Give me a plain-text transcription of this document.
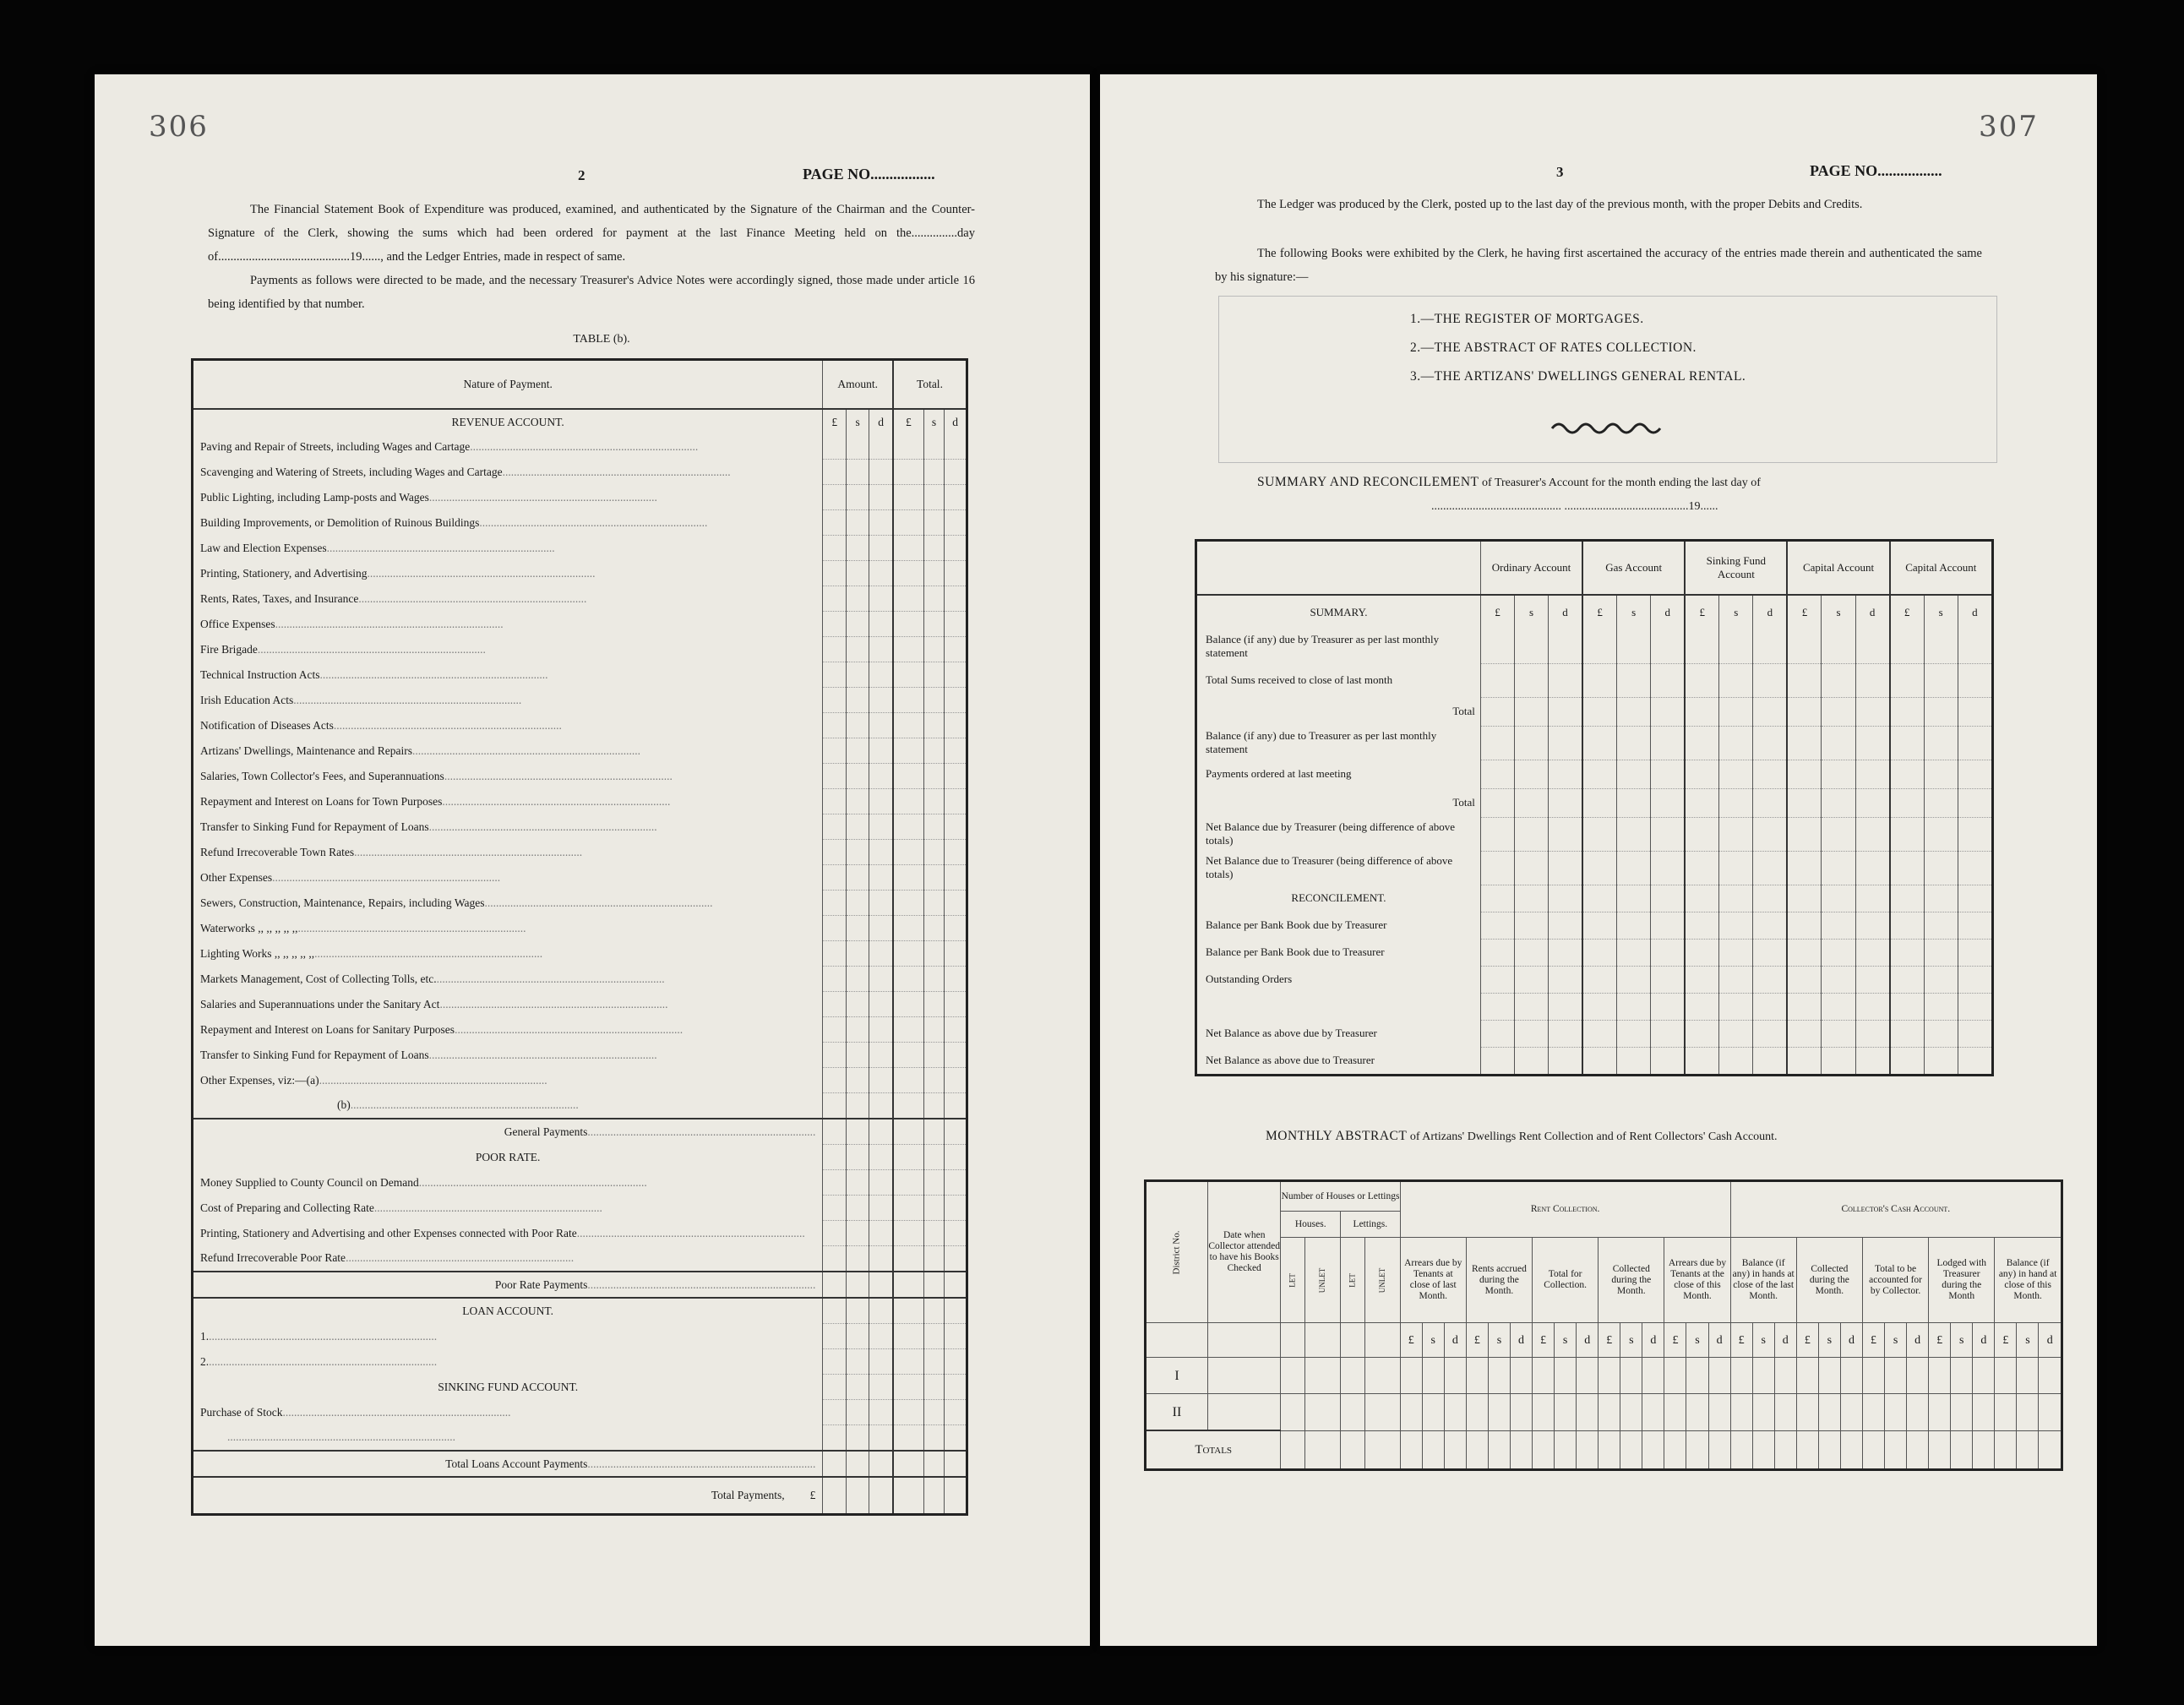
306
2	PAGE NO.................
The Financial Statement Book of Expenditure was produced, examined, and authenticated by the Signature of the Chairman and the Counter-Signature of the Clerk, showing the sums which had been ordered for payment at the last Finance Meeting held on the...............day of...........................................19......, and the Ledger Entries, made in respect of same.
Payments as follows were directed to be made, and the necessary Treasurer's Advice Notes were accordingly signed, those made under article 16 being identified by that number.
TABLE (b).
Nature of Payment.	Amount.			Total.		
REVENUE ACCOUNT.	£	s	d	£	s	d
Paving and Repair of Streets, including Wages and Cartage................................................................................						
Scavenging and Watering of Streets, including Wages and Cartage................................................................................						
Public Lighting, including Lamp-posts and Wages................................................................................						
Building Improvements, or Demolition of Ruinous Buildings................................................................................						
Law and Election Expenses................................................................................						
Printing, Stationery, and Advertising................................................................................						
Rents, Rates, Taxes, and Insurance................................................................................						
Office Expenses................................................................................						
Fire Brigade................................................................................						
Technical Instruction Acts................................................................................						
Irish Education Acts................................................................................						
Notification of Diseases Acts................................................................................						
Artizans' Dwellings, Maintenance and Repairs................................................................................						
Salaries, Town Collector's Fees, and Superannuations................................................................................						
Repayment and Interest on Loans for Town Purposes................................................................................						
Transfer to Sinking Fund for Repayment of Loans................................................................................						
Refund Irrecoverable Town Rates................................................................................						
Other Expenses................................................................................						
Sewers, Construction, Maintenance, Repairs, including Wages................................................................................						
Waterworks ,, ,, ,, ,, ,,................................................................................						
Lighting Works ,, ,, ,, ,, ,,................................................................................						
Markets Management, Cost of Collecting Tolls, etc.................................................................................						
Salaries and Superannuations under the Sanitary Act................................................................................						
Repayment and Interest on Loans for Sanitary Purposes................................................................................						
Transfer to Sinking Fund for Repayment of Loans................................................................................						
Other Expenses, viz:—(a)................................................................................						
(b)................................................................................						
General Payments................................................................................						
POOR RATE.						
Money Supplied to County Council on Demand................................................................................						
Cost of Preparing and Collecting Rate................................................................................						
Printing, Stationery and Advertising and other Expenses connected with Poor Rate................................................................................						
Refund Irrecoverable Poor Rate................................................................................						
Poor Rate Payments................................................................................						
LOAN ACCOUNT.						
1.................................................................................						
2.................................................................................						
SINKING FUND ACCOUNT.						
Purchase of Stock................................................................................						
................................................................................						
Total Loans Account Payments................................................................................						
Total Payments, £						
307
3	PAGE NO.................
The Ledger was produced by the Clerk, posted up to the last day of the previous month, with the proper Debits and Credits.
The following Books were exhibited by the Clerk, he having first ascertained the accuracy of the entries made therein and authenticated the same by his signature:—
1.—THE REGISTER OF MORTGAGES.
2.—THE ABSTRACT OF RATES COLLECTION.
3.—THE ARTIZANS' DWELLINGS GENERAL RENTAL.
SUMMARY AND RECONCILEMENT of Treasurer's Account for the month ending the last day of
............................................ ..........................................19......
	Ordinary Account			Gas Account			Sinking Fund Account			Capital Account			Capital Account		
SUMMARY.	£	s	d	£	s	d	£	s	d	£	s	d	£	s	d
Balance (if any) due by Treasurer as per last monthly statement															
Total Sums received to close of last month															
Total															
Balance (if any) due to Treasurer as per last monthly statement															
Payments ordered at last meeting															
Total															
Net Balance due by Treasurer (being difference of above totals)															
Net Balance due to Treasurer (being difference of above totals)															
RECONCILEMENT.															
Balance per Bank Book due by Treasurer															
Balance per Bank Book due to Treasurer															
Outstanding Orders															

Net Balance as above due by Treasurer															
Net Balance as above due to Treasurer															
MONTHLY ABSTRACT of Artizans' Dwellings Rent Collection and of Rent Collectors' Cash Account.
District No.	Date when Collector attended to have his Books Checked	Number of Houses or Lettings				Rent Collection.															Collector's Cash Account.														
		Houses.		Lettings.																															

		LET	UNLET	LET	UNLET	Arrears due by Tenants at close of last Month.			Rents accrued during the Month.			Total for Collection.			Collected during the Month.			Arrears due by Tenants at the close of this Month.			Balance (if any) in hands at close of the last Month.			Collected during the Month.			Total to be accounted for by Collector.			Lodged with Treasurer during the Month			Balance (if any) in hand at close of this Month.		
						£	s	d	£	s	d	£	s	d	£	s	d	£	s	d	£	s	d	£	s	d	£	s	d	£	s	d	£	s	d
I																																			
II																																			
Totals																																			
